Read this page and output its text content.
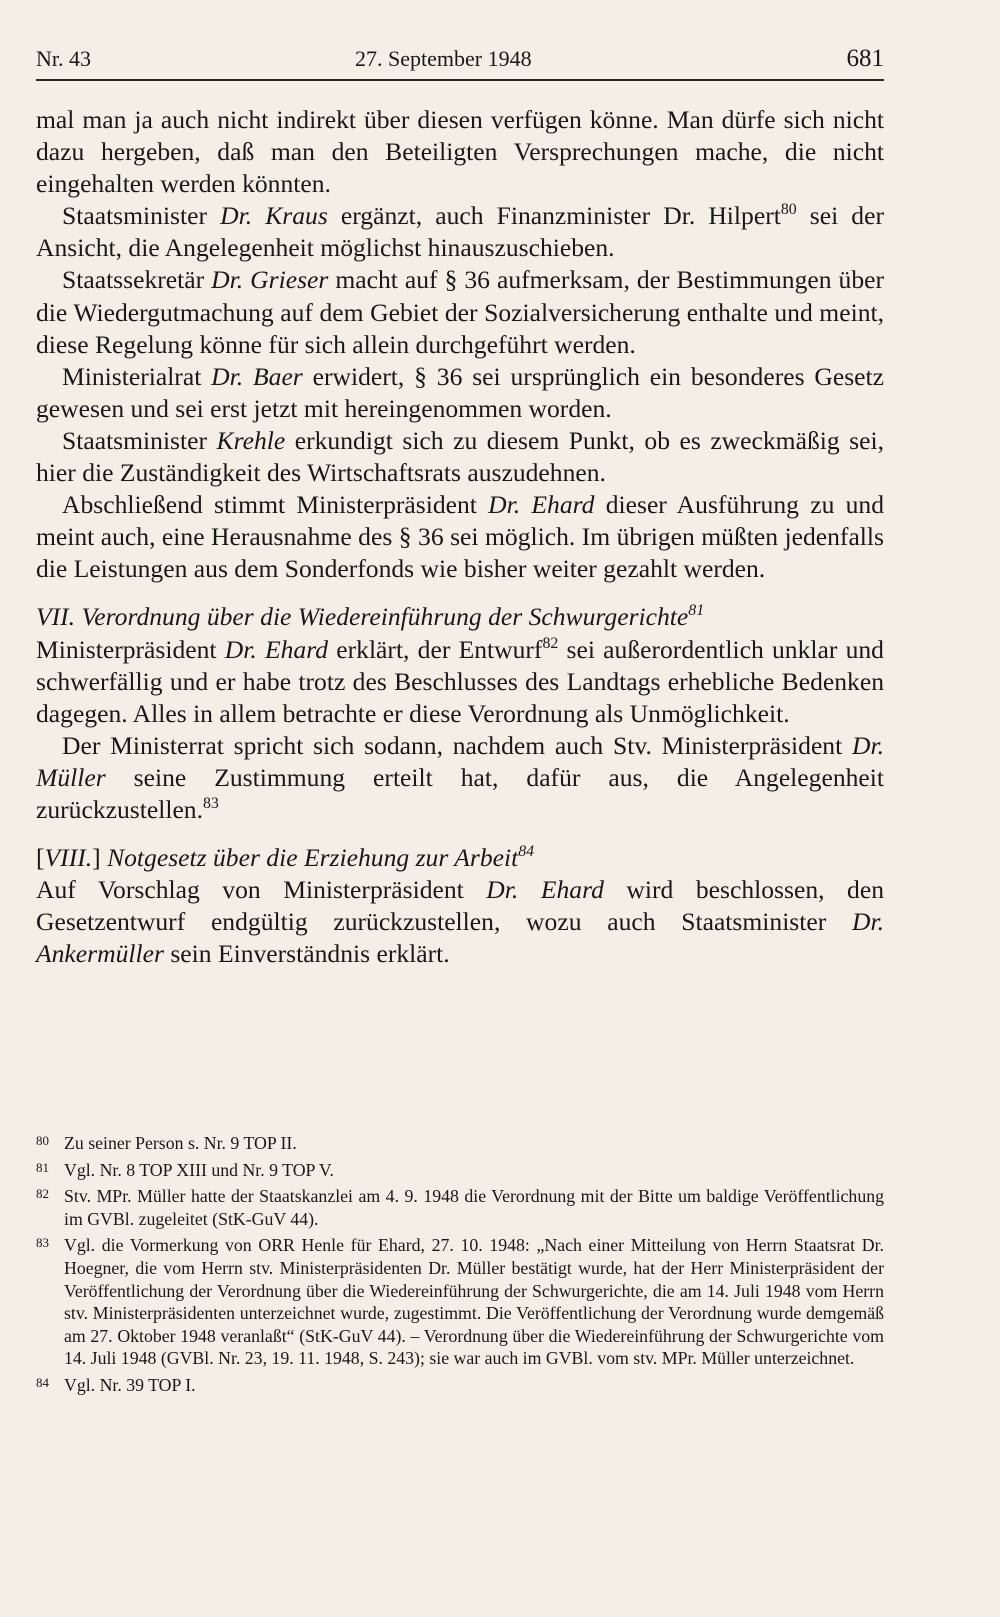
Nr. 43	27. September 1948	681

mal man ja auch nicht indirekt über diesen verfügen könne. Man dürfe sich nicht dazu hergeben, daß man den Beteiligten Versprechungen mache, die nicht eingehalten werden könnten.

Staatsminister Dr. Kraus ergänzt, auch Finanzminister Dr. Hilpert$^{80}$ sei der Ansicht, die Angelegenheit möglichst hinauszuschieben.

Staatssekretär Dr. Grieser macht auf § 36 aufmerksam, der Bestimmungen über die Wiedergutmachung auf dem Gebiet der Sozialversicherung enthalte und meint, diese Regelung könne für sich allein durchgeführt werden.

Ministerialrat Dr. Baer erwidert, § 36 sei ursprünglich ein besonderes Gesetz gewesen und sei erst jetzt mit hereingenommen worden.

Staatsminister Krehle erkundigt sich zu diesem Punkt, ob es zweckmäßig sei, hier die Zuständigkeit des Wirtschaftsrats auszudehnen.

Abschließend stimmt Ministerpräsident Dr. Ehard dieser Ausführung zu und meint auch, eine Herausnahme des § 36 sei möglich. Im übrigen müßten jedenfalls die Leistungen aus dem Sonderfonds wie bisher weiter gezahlt werden.

VII. Verordnung über die Wiedereinführung der Schwurgerichte$^{81}$

Ministerpräsident Dr. Ehard erklärt, der Entwurf$^{82}$ sei außerordentlich unklar und schwerfällig und er habe trotz des Beschlusses des Landtags erhebliche Bedenken dagegen. Alles in allem betrachte er diese Verordnung als Unmöglichkeit.

Der Ministerrat spricht sich sodann, nachdem auch Stv. Ministerpräsident Dr. Müller seine Zustimmung erteilt hat, dafür aus, die Angelegenheit zurückzustellen.$^{83}$

[VIII.] Notgesetz über die Erziehung zur Arbeit$^{84}$

Auf Vorschlag von Ministerpräsident Dr. Ehard wird beschlossen, den Gesetzentwurf endgültig zurückzustellen, wozu auch Staatsminister Dr. Ankermüller sein Einverständnis erklärt.

80 Zu seiner Person s. Nr. 9 TOP II.
81 Vgl. Nr. 8 TOP XIII und Nr. 9 TOP V.
82 Stv. MPr. Müller hatte der Staatskanzlei am 4. 9. 1948 die Verordnung mit der Bitte um baldige Veröffentlichung im GVBl. zugeleitet (StK-GuV 44).
83 Vgl. die Vormerkung von ORR Henle für Ehard, 27. 10. 1948: „Nach einer Mitteilung von Herrn Staatsrat Dr. Hoegner, die vom Herrn stv. Ministerpräsidenten Dr. Müller bestätigt wurde, hat der Herr Ministerpräsident der Veröffentlichung der Verordnung über die Wiedereinführung der Schwurgerichte, die am 14. Juli 1948 vom Herrn stv. Ministerpräsidenten unterzeichnet wurde, zugestimmt. Die Veröffentlichung der Verordnung wurde demgemäß am 27. Oktober 1948 veranlaßt“ (StK-GuV 44). – Verordnung über die Wiedereinführung der Schwurgerichte vom 14. Juli 1948 (GVBl. Nr. 23, 19. 11. 1948, S. 243); sie war auch im GVBl. vom stv. MPr. Müller unterzeichnet.
84 Vgl. Nr. 39 TOP I.
